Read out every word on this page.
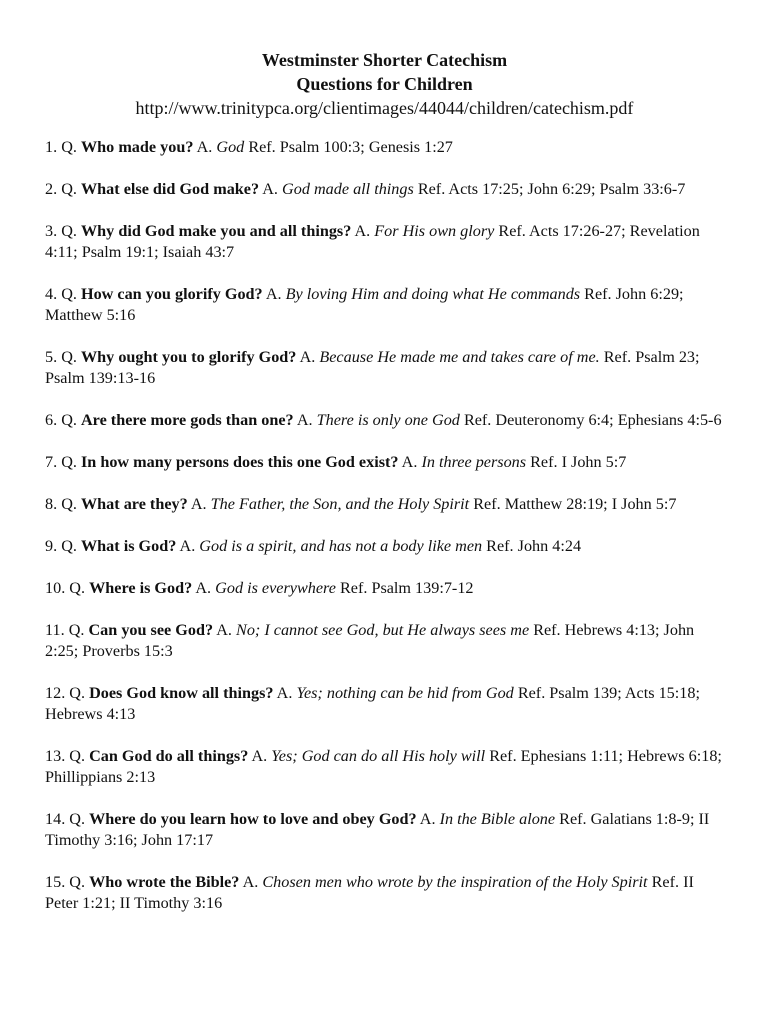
Westminster Shorter Catechism
Questions for Children
http://www.trinitypca.org/clientimages/44044/children/catechism.pdf
1. Q. Who made you? A. God Ref. Psalm 100:3; Genesis 1:27
2. Q. What else did God make? A. God made all things Ref. Acts 17:25; John 6:29; Psalm 33:6-7
3. Q. Why did God make you and all things? A. For His own glory Ref. Acts 17:26-27; Revelation 4:11; Psalm 19:1; Isaiah 43:7
4. Q. How can you glorify God? A. By loving Him and doing what He commands Ref. John 6:29; Matthew 5:16
5. Q. Why ought you to glorify God? A. Because He made me and takes care of me. Ref. Psalm 23; Psalm 139:13-16
6. Q. Are there more gods than one? A. There is only one God Ref. Deuteronomy 6:4; Ephesians 4:5-6
7. Q. In how many persons does this one God exist? A. In three persons Ref. I John 5:7
8. Q. What are they? A. The Father, the Son, and the Holy Spirit Ref. Matthew 28:19; I John 5:7
9. Q. What is God? A. God is a spirit, and has not a body like men Ref. John 4:24
10. Q. Where is God? A. God is everywhere Ref. Psalm 139:7-12
11. Q. Can you see God? A. No; I cannot see God, but He always sees me Ref. Hebrews 4:13; John 2:25; Proverbs 15:3
12. Q. Does God know all things? A. Yes; nothing can be hid from God Ref. Psalm 139; Acts 15:18; Hebrews 4:13
13. Q. Can God do all things? A. Yes; God can do all His holy will Ref. Ephesians 1:11; Hebrews 6:18; Phillippians 2:13
14. Q. Where do you learn how to love and obey God? A. In the Bible alone Ref. Galatians 1:8-9; II Timothy 3:16; John 17:17
15. Q. Who wrote the Bible? A. Chosen men who wrote by the inspiration of the Holy Spirit Ref. II Peter 1:21; II Timothy 3:16
